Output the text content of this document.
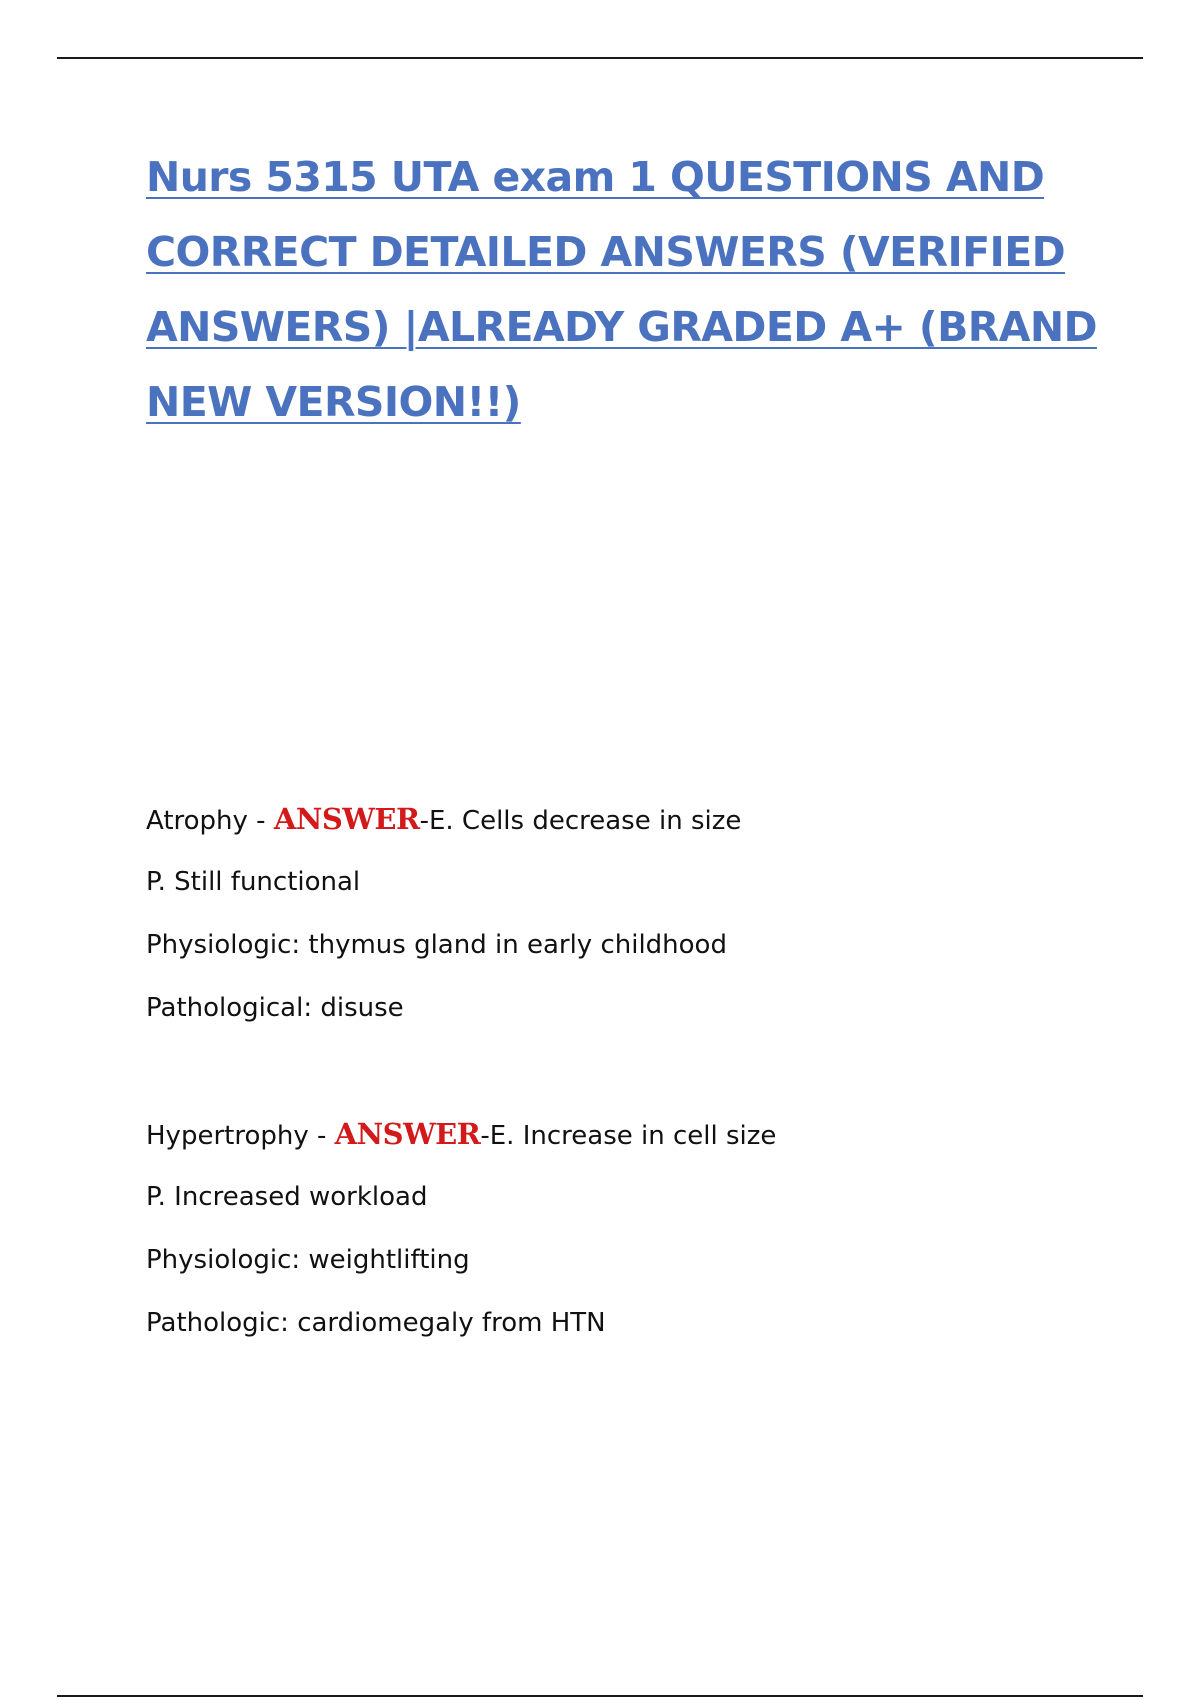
Nurs 5315 UTA exam 1 QUESTIONS AND
CORRECT DETAILED ANSWERS (VERIFIED
ANSWERS) |ALREADY GRADED A+ (BRAND
NEW VERSION!!)
Atrophy - ANSWER-E. Cells decrease in size
P. Still functional
Physiologic: thymus gland in early childhood
Pathological: disuse
Hypertrophy - ANSWER-E. Increase in cell size
P. Increased workload
Physiologic: weightlifting
Pathologic: cardiomegaly from HTN
